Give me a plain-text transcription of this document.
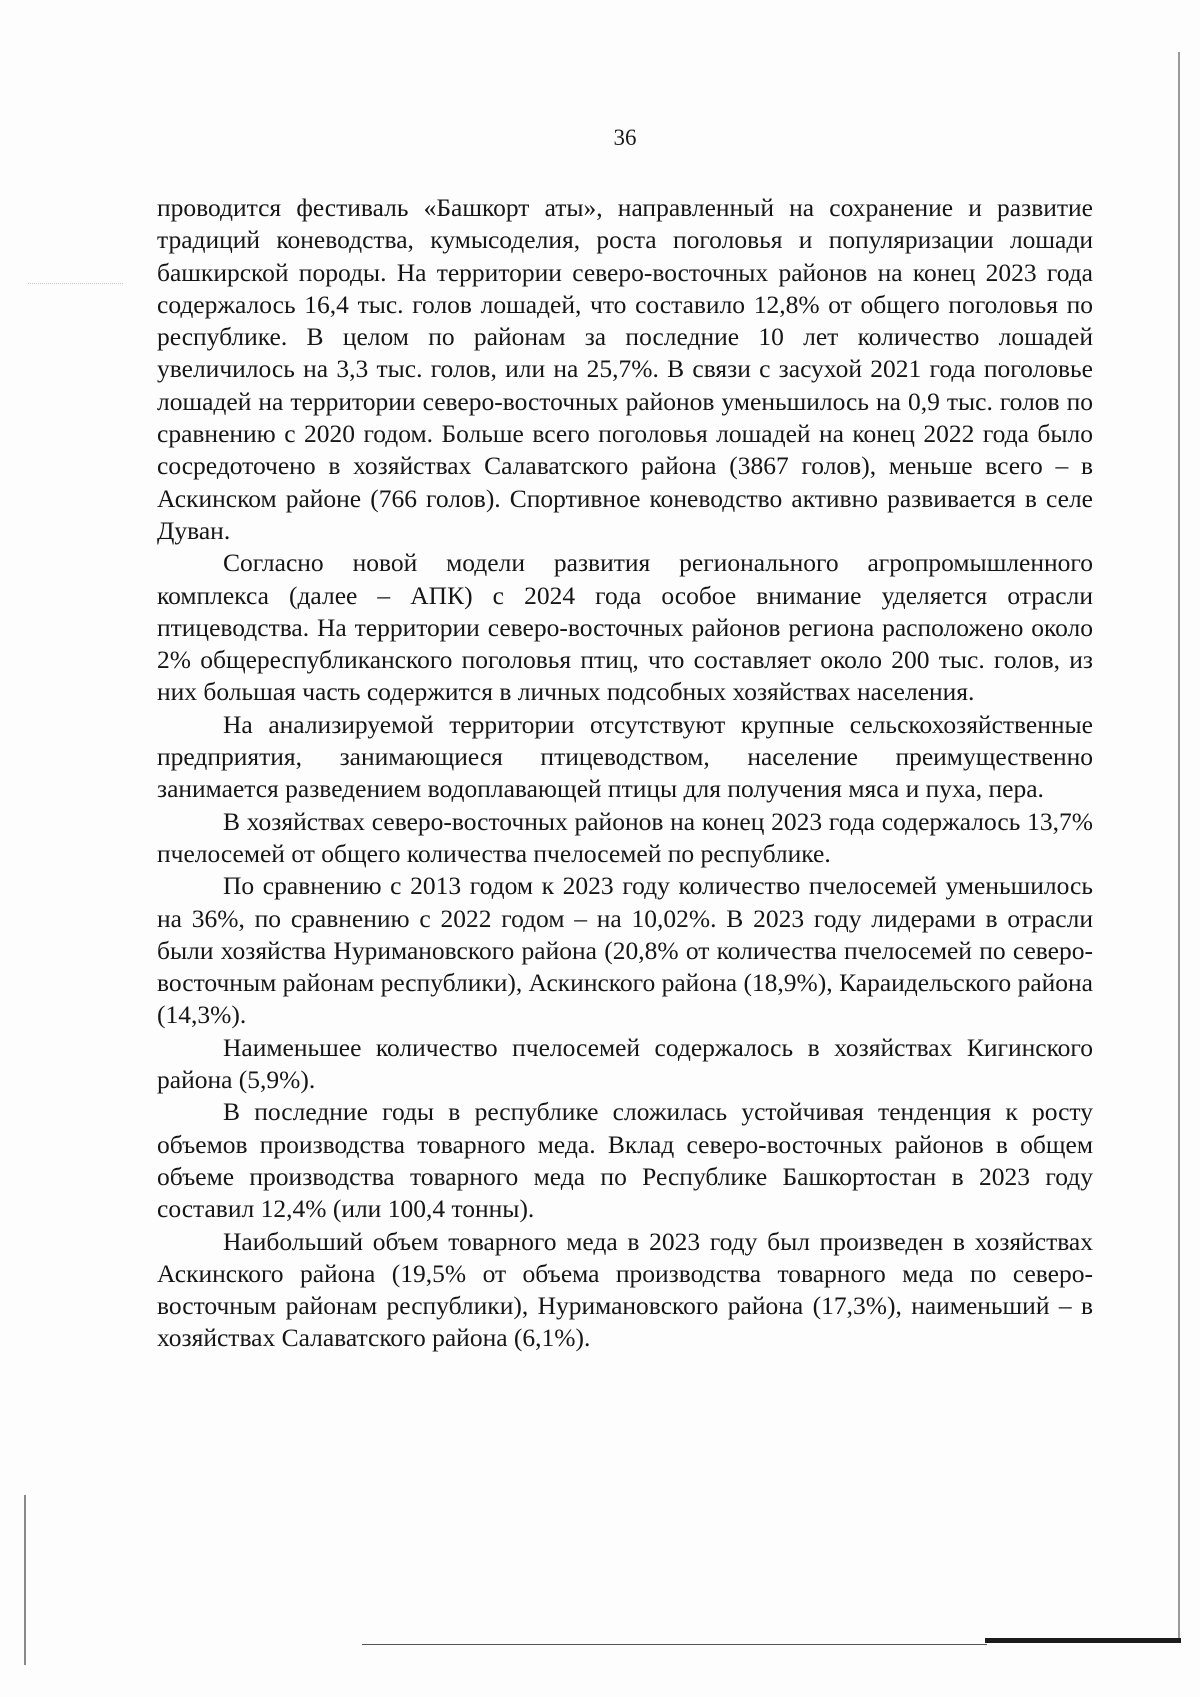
36

проводится фестиваль «Башкорт аты», направленный на сохранение и развитие традиций коневодства, кумысоделия, роста поголовья и популяризации лошади башкирской породы. На территории северо-восточных районов на конец 2023 года содержалось 16,4 тыс. голов лошадей, что составило 12,8% от общего поголовья по республике. В целом по районам за последние 10 лет количество лошадей увеличилось на 3,3 тыс. голов, или на 25,7%. В связи с засухой 2021 года поголовье лошадей на территории северо-восточных районов уменьшилось на 0,9 тыс. голов по сравнению с 2020 годом. Больше всего поголовья лошадей на конец 2022 года было сосредоточено в хозяйствах Салаватского района (3867 голов), меньше всего – в Аскинском районе (766 голов). Спортивное коневодство активно развивается в селе Дуван.

Согласно новой модели развития регионального агропромышленного комплекса (далее – АПК) с 2024 года особое внимание уделяется отрасли птицеводства. На территории северо-восточных районов региона расположено около 2% общереспубликанского поголовья птиц, что составляет около 200 тыс. голов, из них большая часть содержится в личных подсобных хозяйствах населения.

На анализируемой территории отсутствуют крупные сельскохозяйственные предприятия, занимающиеся птицеводством, население преимущественно занимается разведением водоплавающей птицы для получения мяса и пуха, пера.

В хозяйствах северо-восточных районов на конец 2023 года содержалось 13,7% пчелосемей от общего количества пчелосемей по республике.

По сравнению с 2013 годом к 2023 году количество пчелосемей уменьшилось на 36%, по сравнению с 2022 годом – на 10,02%. В 2023 году лидерами в отрасли были хозяйства Нуримановского района (20,8% от количества пчелосемей по северо-восточным районам республики), Аскинского района (18,9%), Караидельского района (14,3%).

Наименьшее количество пчелосемей содержалось в хозяйствах Кигинского района (5,9%).

В последние годы в республике сложилась устойчивая тенденция к росту объемов производства товарного меда. Вклад северо-восточных районов в общем объеме производства товарного меда по Республике Башкортостан в 2023 году составил 12,4% (или 100,4 тонны).

Наибольший объем товарного меда в 2023 году был произведен в хозяйствах Аскинского района (19,5% от объема производства товарного меда по северо-восточным районам республики), Нуримановского района (17,3%), наименьший – в хозяйствах Салаватского района (6,1%).
